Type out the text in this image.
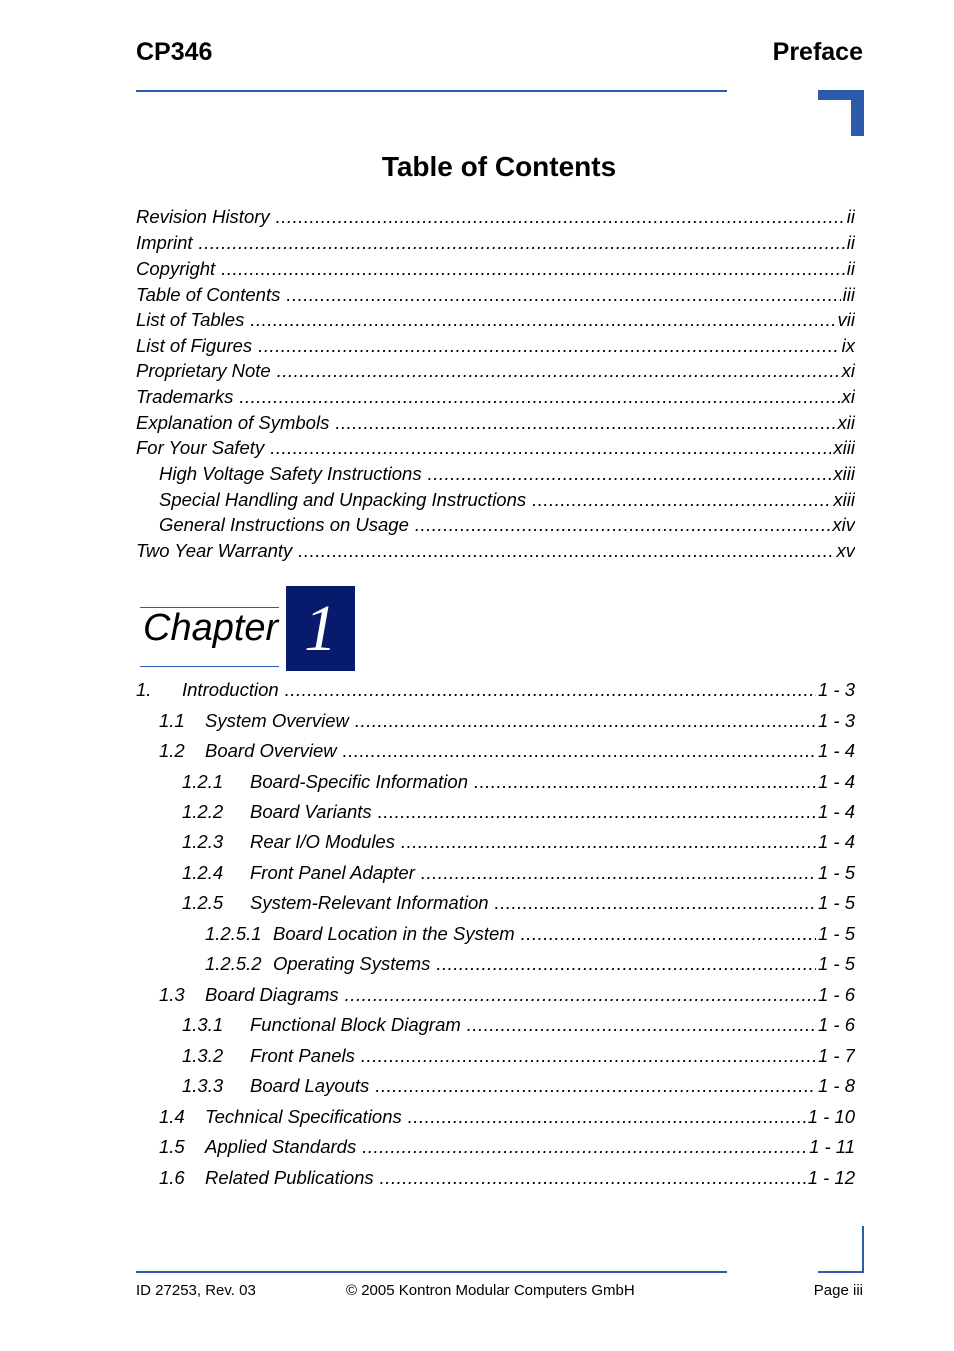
CP346	Preface
Table of Contents
Revision History .....	ii
Imprint .....	ii
Copyright .....	ii
Table of Contents .....	iii
List of Tables .....	vii
List of Figures .....	ix
Proprietary Note .....	xi
Trademarks .....	xi
Explanation of Symbols .....	xii
For Your Safety .....	xiii
High Voltage Safety Instructions .....	xiii
Special Handling and Unpacking Instructions .....	xiii
General Instructions on Usage .....	xiv
Two Year Warranty .....	xv
Chapter 1
1.	Introduction .....	1 - 3
1.1	System Overview .....	1 - 3
1.2	Board Overview .....	1 - 4
1.2.1	Board-Specific Information .....	1 - 4
1.2.2	Board Variants .....	1 - 4
1.2.3	Rear I/O Modules .....	1 - 4
1.2.4	Front Panel Adapter .....	1 - 5
1.2.5	System-Relevant Information .....	1 - 5
1.2.5.1 Board Location in the System .....	1 - 5
1.2.5.2 Operating Systems .....	1 - 5
1.3	Board Diagrams .....	1 - 6
1.3.1	Functional Block Diagram .....	1 - 6
1.3.2	Front Panels .....	1 - 7
1.3.3	Board Layouts .....	1 - 8
1.4	Technical Specifications .....	1 - 10
1.5	Applied Standards .....	1 - 11
1.6	Related Publications .....	1 - 12
ID 27253, Rev. 03	© 2005 Kontron Modular Computers GmbH	Page iii
